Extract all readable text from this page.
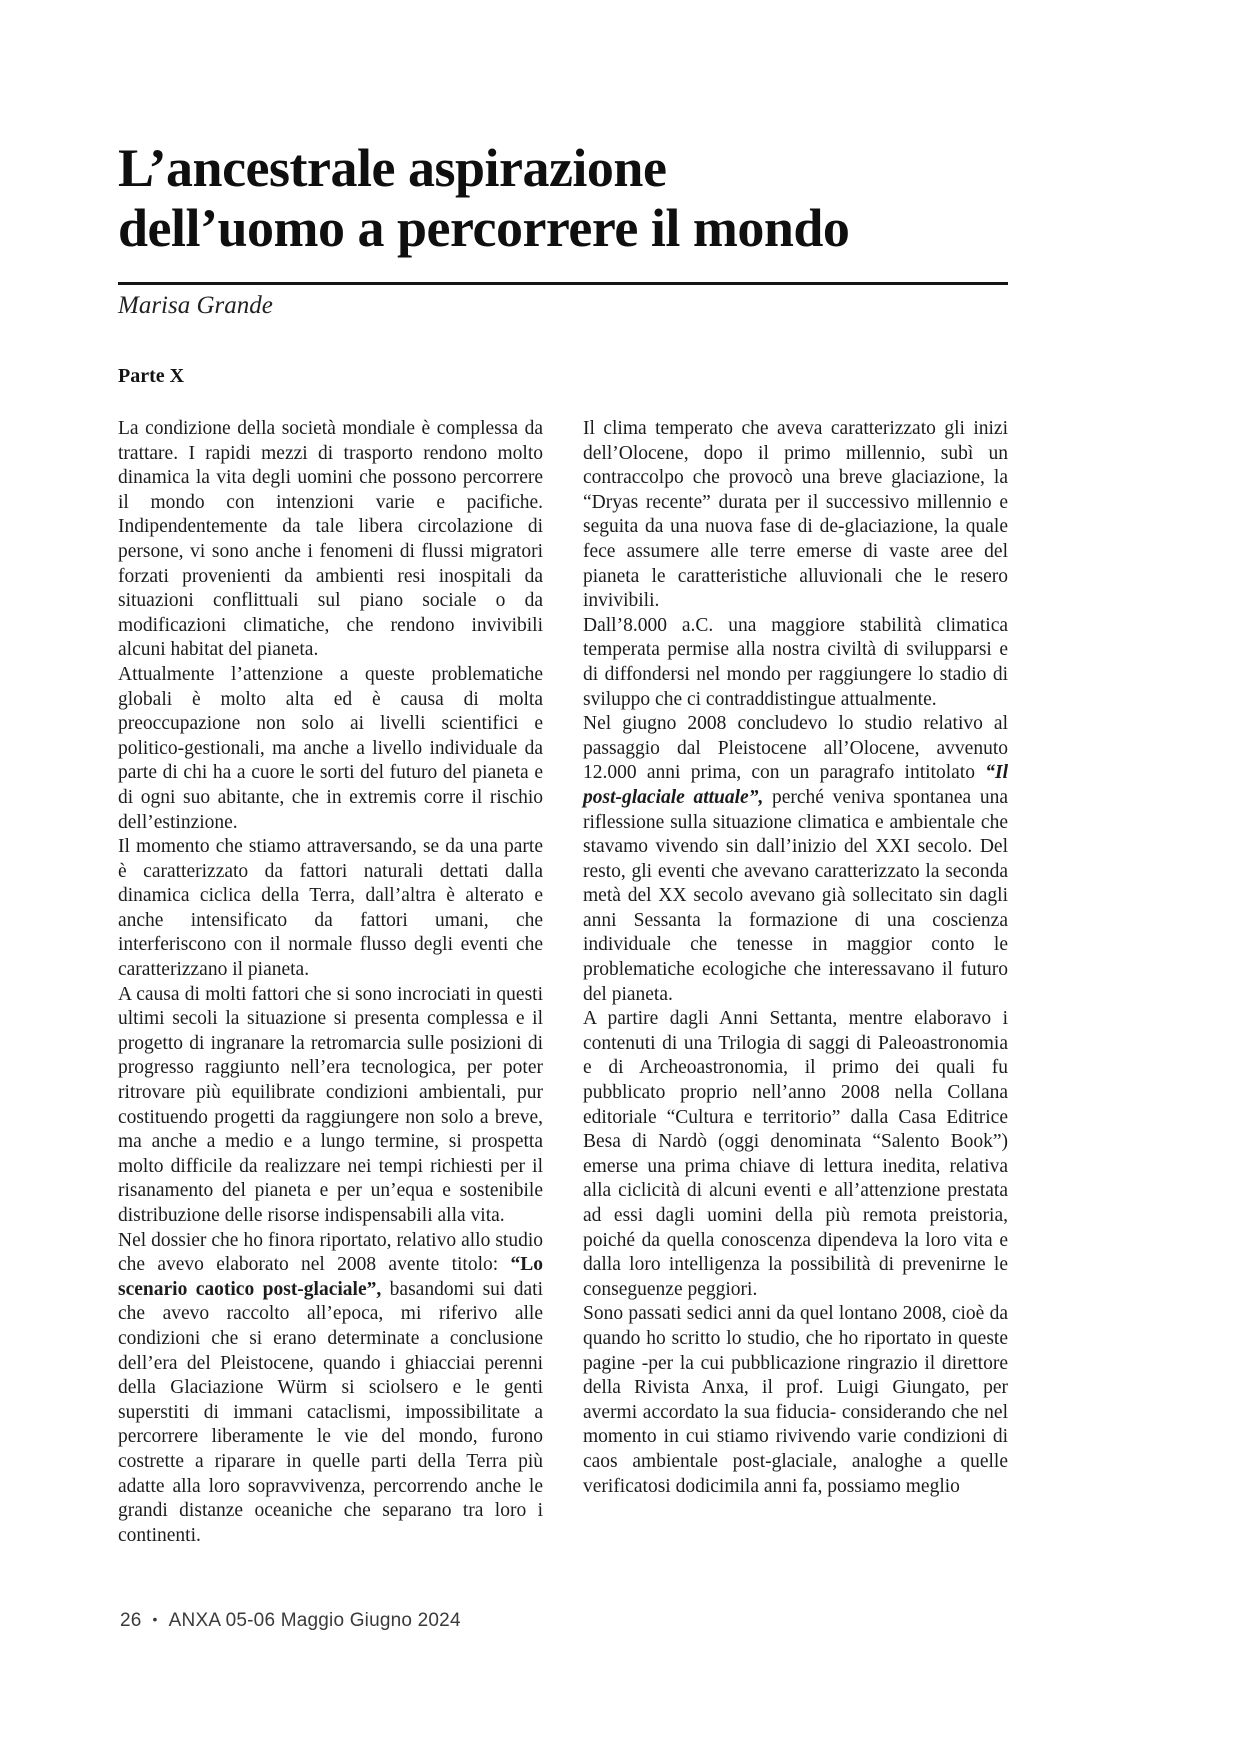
L’ancestrale aspirazione
dell’uomo a percorrere il mondo
Marisa Grande
Parte X

La condizione della società mondiale è complessa da trattare. I rapidi mezzi di trasporto rendono molto dinamica la vita degli uomini che possono percorrere il mondo con intenzioni varie e pacifiche. Indipendentemente da tale libera circolazione di persone, vi sono anche i fenomeni di flussi migratori forzati provenienti da ambienti resi inospitali da situazioni conflittuali sul piano sociale o da modificazioni climatiche, che rendono invivibili alcuni habitat del pianeta.

Attualmente l’attenzione a queste problematiche globali è molto alta ed è causa di molta preoccupazione non solo ai livelli scientifici e politico-gestionali, ma anche a livello individuale da parte di chi ha a cuore le sorti del futuro del pianeta e di ogni suo abitante, che in extremis corre il rischio dell’estinzione.

Il momento che stiamo attraversando, se da una parte è caratterizzato da fattori naturali dettati dalla dinamica ciclica della Terra, dall’altra è alterato e anche intensificato da fattori umani, che interferiscono con il normale flusso degli eventi che caratterizzano il pianeta.

A causa di molti fattori che si sono incrociati in questi ultimi secoli la situazione si presenta complessa e il progetto di ingranare la retromarcia sulle posizioni di progresso raggiunto nell’era tecnologica, per poter ritrovare più equilibrate condizioni ambientali, pur costituendo progetti da raggiungere non solo a breve, ma anche a medio e a lungo termine, si prospetta molto difficile da realizzare nei tempi richiesti per il risanamento del pianeta e per un’equa e sostenibile distribuzione delle risorse indispensabili alla vita.

Nel dossier che ho finora riportato, relativo allo studio che avevo elaborato nel 2008 avente titolo: “Lo scenario caotico post-glaciale”, basandomi sui dati che avevo raccolto all’epoca, mi riferivo alle condizioni che si erano determinate a conclusione dell’era del Pleistocene, quando i ghiacciai perenni della Glaciazione Würm si sciolsero e le genti superstiti di immani cataclismi, impossibilitate a percorrere liberamente le vie del mondo, furono costrette a riparare in quelle parti della Terra più adatte alla loro sopravvivenza, percorrendo anche le grandi distanze oceaniche che separano tra loro i continenti.

Il clima temperato che aveva caratterizzato gli inizi dell’Olocene, dopo il primo millennio, subì un contraccolpo che provocò una breve glaciazione, la “Dryas recente” durata per il successivo millennio e seguita da una nuova fase di de-glaciazione, la quale fece assumere alle terre emerse di vaste aree del pianeta le caratteristiche alluvionali che le resero invivibili.

Dall’8.000 a.C. una maggiore stabilità climatica temperata permise alla nostra civiltà di svilupparsi e di diffondersi nel mondo per raggiungere lo stadio di sviluppo che ci contraddistingue attualmente.

Nel giugno 2008 concludevo lo studio relativo al passaggio dal Pleistocene all’Olocene, avvenuto 12.000 anni prima, con un paragrafo intitolato “Il post-glaciale attuale”, perché veniva spontanea una riflessione sulla situazione climatica e ambientale che stavamo vivendo sin dall’inizio del XXI secolo. Del resto, gli eventi che avevano caratterizzato la seconda metà del XX secolo avevano già sollecitato sin dagli anni Sessanta la formazione di una coscienza individuale che tenesse in maggior conto le problematiche ecologiche che interessavano il futuro del pianeta.

A partire dagli Anni Settanta, mentre elaboravo i contenuti di una Trilogia di saggi di Paleoastronomia e di Archeoastronomia, il primo dei quali fu pubblicato proprio nell’anno 2008 nella Collana editoriale “Cultura e territorio” dalla Casa Editrice Besa di Nardò (oggi denominata “Salento Book”) emerse una prima chiave di lettura inedita, relativa alla ciclicità di alcuni eventi e all’attenzione prestata ad essi dagli uomini della più remota preistoria, poiché da quella conoscenza dipendeva la loro vita e dalla loro intelligenza la possibilità di prevenirne le conseguenze peggiori.

Sono passati sedici anni da quel lontano 2008, cioè da quando ho scritto lo studio, che ho riportato in queste pagine -per la cui pubblicazione ringrazio il direttore della Rivista Anxa, il prof. Luigi Giungato, per avermi accordato la sua fiducia- considerando che nel momento in cui stiamo rivivendo varie condizioni di caos ambientale post-glaciale, analoghe a quelle verificatosi dodicimila anni fa, possiamo meglio

26 • ANXA 05-06 Maggio Giugno 2024
